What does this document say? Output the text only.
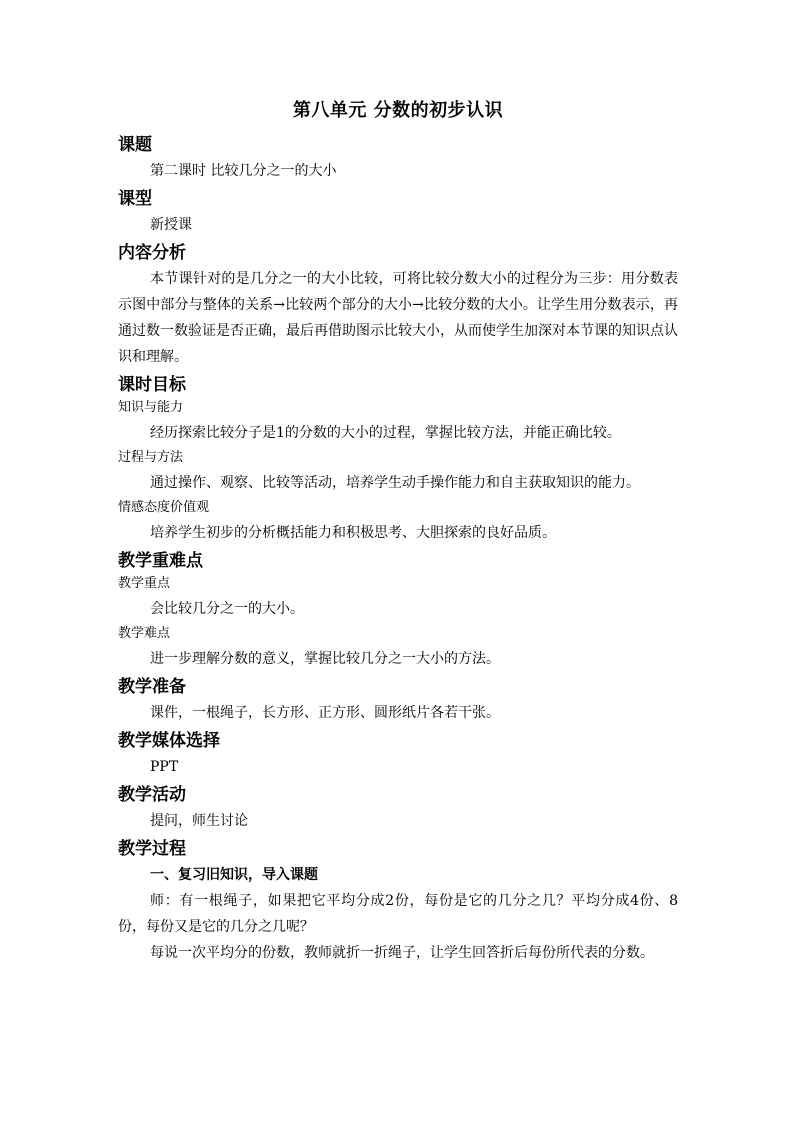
第八单元 分数的初步认识
课题

第二课时 比较几分之一的大小

课型

新授课

内容分析

本节课针对的是几分之一的大小比较，可将比较分数大小的过程分为三步：用分数表示图中部分与整体的关系→比较两个部分的大小→比较分数的大小。让学生用分数表示，再通过数一数验证是否正确，最后再借助图示比较大小，从而使学生加深对本节课的知识点认识和理解。

课时目标
知识与能力

经历探索比较分子是1的分数的大小的过程，掌握比较方法，并能正确比较。

过程与方法

通过操作、观察、比较等活动，培养学生动手操作能力和自主获取知识的能力。

情感态度价值观

培养学生初步的分析概括能力和积极思考、大胆探索的良好品质。

教学重难点
教学重点

会比较几分之一的大小。

教学难点

进一步理解分数的意义，掌握比较几分之一大小的方法。

教学准备

课件，一根绳子，长方形、正方形、圆形纸片各若干张。

教学媒体选择

PPT

教学活动

提问，师生讨论

教学过程

一、复习旧知识，导入课题

师：有一根绳子，如果把它平均分成2份，每份是它的几分之几？平均分成4份、8份，每份又是它的几分之几呢？

每说一次平均分的份数，教师就折一折绳子，让学生回答折后每份所代表的分数。
